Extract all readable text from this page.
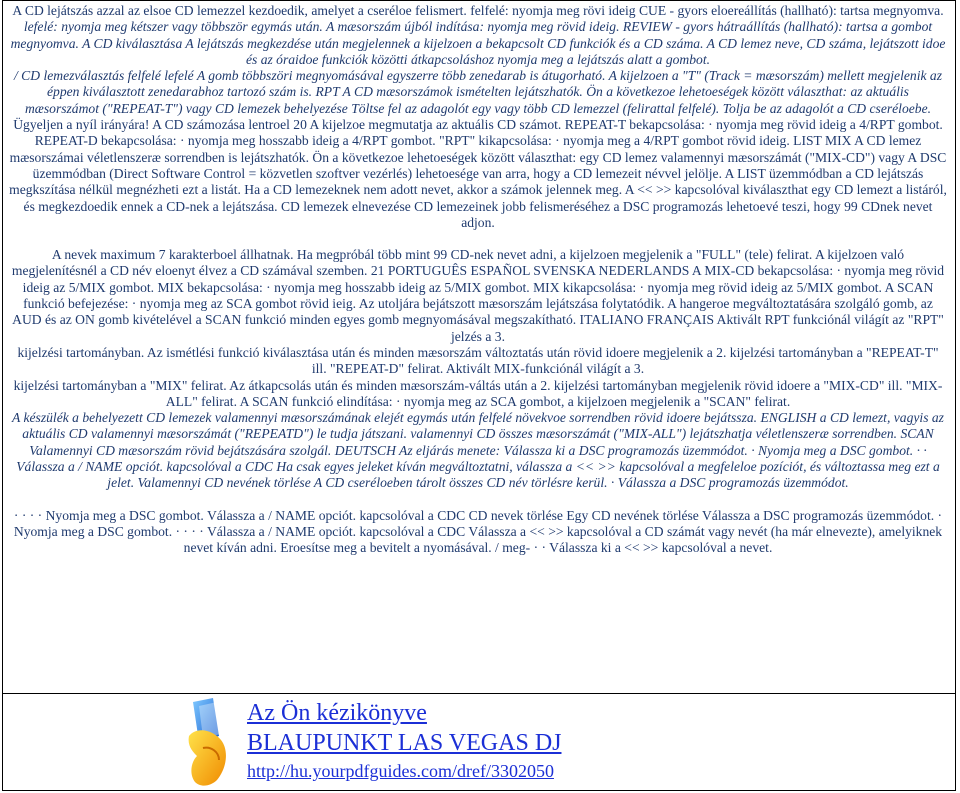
A CD lejátszás azzal az elsoe CD lemezzel kezdoedik, amelyet a cseréloe felismert. felfelé: nyomja meg rövi ideig CUE - gyors eloereállítás (hallható): tartsa megnyomva.

lefelé: nyomja meg kétszer vagy többször egymás után. A mæsorszám újból indítása: nyomja meg rövid ideig. REVIEW - gyors hátraállítás (hallható): tartsa a gombot megnyomva. A CD kiválasztása A lejátszás megkezdése után megjelennek a kijelzoen a bekapcsolt CD funkciók és a CD száma. A CD lemez neve, CD száma, lejátszott idoe és az óraidoe funkciók közötti átkapcsoláshoz nyomja meg a lejátszás alatt a gombot.

/ CD lemezválasztás felfelé lefelé A gomb többszöri megnyomásával egyszerre több zenedarab is átugorható. A kijelzoen a "T" (Track = mæsorszám) mellett megjelenik az éppen kiválasztott zenedarabhoz tartozó szám is. RPT A CD mæsorszámok ismételten lejátszhatók. Ön a következoe lehetoeségek között választhat: az aktuális mæsorszámot ("REPEAT-T") vagy CD lemezek behelyezése Töltse fel az adagolót egy vagy több CD lemezzel (felirattal felfelé). Tolja be az adagolót a CD cseréloebe.

Ügyeljen a nyíl irányára! A CD számozása lentroel 20 A kijelzoe megmutatja az aktuális CD számot. REPEAT-T bekapcsolása: · nyomja meg rövid ideig a 4/RPT gombot. REPEAT-D bekapcsolása: · nyomja meg hosszabb ideig a 4/RPT gombot. "RPT" kikapcsolása: · nyomja meg a 4/RPT gombot rövid ideig. LIST MIX A CD lemez mæsorszámai véletlenszeræ sorrendben is lejátszhatók. Ön a következoe lehetoeségek között választhat: egy CD lemez valamennyi mæsorszámát ("MIX-CD") vagy A DSC üzemmódban (Direct Software Control = közvetlen szoftver vezérlés) lehetoesége van arra, hogy a CD lemezeit névvel jelölje. A LIST üzemmódban a CD lejátszás megkszítása nélkül megnézheti ezt a listát. Ha a CD lemezeknek nem adott nevet, akkor a számok jelennek meg. A << >> kapcsolóval kiválaszthat egy CD lemezt a listáról, és megkezdoedik ennek a CD-nek a lejátszása. CD lemezek elnevezése CD lemezeinek jobb felismeréséhez a DSC programozás lehetoevé teszi, hogy 99 CDnek nevet adjon.

A nevek maximum 7 karakterboel állhatnak. Ha megpróbál több mint 99 CD-nek nevet adni, a kijelzoen megjelenik a "FULL" (tele) felirat. A kijelzoen való megjelenítésnél a CD név eloenyt élvez a CD számával szemben. 21 PORTUGUÊS ESPAÑOL SVENSKA NEDERLANDS A MIX-CD bekapcsolása: · nyomja meg rövid ideig az 5/MIX gombot. MIX bekapcsolása: · nyomja meg hosszabb ideig az 5/MIX gombot. MIX kikapcsolása: · nyomja meg rövid ideig az 5/MIX gombot. A SCAN funkció befejezése: · nyomja meg az SCA gombot rövid ieig. Az utoljára bejátszott mæsorszám lejátszása folytatódik. A hangeroe megváltoztatására szolgáló gomb, az AUD és az ON gomb kivételével a SCAN funkció minden egyes gomb megnyomásával megszakítható. ITALIANO FRANÇAIS Aktivált RPT funkciónál világít az "RPT" jelzés a 3.

kijelzési tartományban. Az ismétlési funkció kiválasztása után és minden mæsorszám változtatás után rövid idoere megjelenik a 2. kijelzési tartományban a "REPEAT-T" ill. "REPEAT-D" felirat. Aktivált MIX-funkciónál világít a 3.

kijelzési tartományban a "MIX" felirat. Az átkapcsolás után és minden mæsorszám-váltás után a 2. kijelzési tartományban megjelenik rövid idoere a "MIX-CD" ill. "MIX-ALL" felirat. A SCAN funkció elindítása: · nyomja meg az SCA gombot, a kijelzoen megjelenik a "SCAN" felirat.

A készülék a behelyezett CD lemezek valamennyi mæsorszámának elejét egymás után felfelé növekvoe sorrendben rövid idoere bejátssza. ENGLISH a CD lemezt, vagyis az aktuális CD valamennyi mæsorszámát ("REPEATD") le tudja játszani. valamennyi CD összes mæsorszámát ("MIX-ALL") lejátszhatja véletlenszeræ sorrendben. SCAN Valamennyi CD mæsorszám rövid bejátszására szolgál. DEUTSCH Az eljárás menete: Válassza ki a DSC programozás üzemmódot. · Nyomja meg a DSC gombot. · · Válassza a / NAME opciót. kapcsolóval a CDC Ha csak egyes jeleket kíván megváltoztatni, válassza a << >> kapcsolóval a megfeleloe pozíciót, és változtassa meg ezt a jelet. Valamennyi CD nevének törlése A CD cseréloeben tárolt összes CD név törlésre kerül. · Válassza a DSC programozás üzemmódot.

· · · · Nyomja meg a DSC gombot. Válassza a / NAME opciót. kapcsolóval a CDC CD nevek törlése Egy CD nevének törlése Válassza a DSC programozás üzemmódot. · Nyomja meg a DSC gombot. · · · · Válassza a / NAME opciót. kapcsolóval a CDC Válassza a << >> kapcsolóval a CD számát vagy nevét (ha már elnevezte), amelyiknek nevet kíván adni. Eroesítse meg a bevitelt a nyomásával. / meg- · · Válassza ki a << >> kapcsolóval a nevet.

Az Ön kézikönyve
BLAUPUNKT LAS VEGAS DJ
http://hu.yourpdfguides.com/dref/3302050
